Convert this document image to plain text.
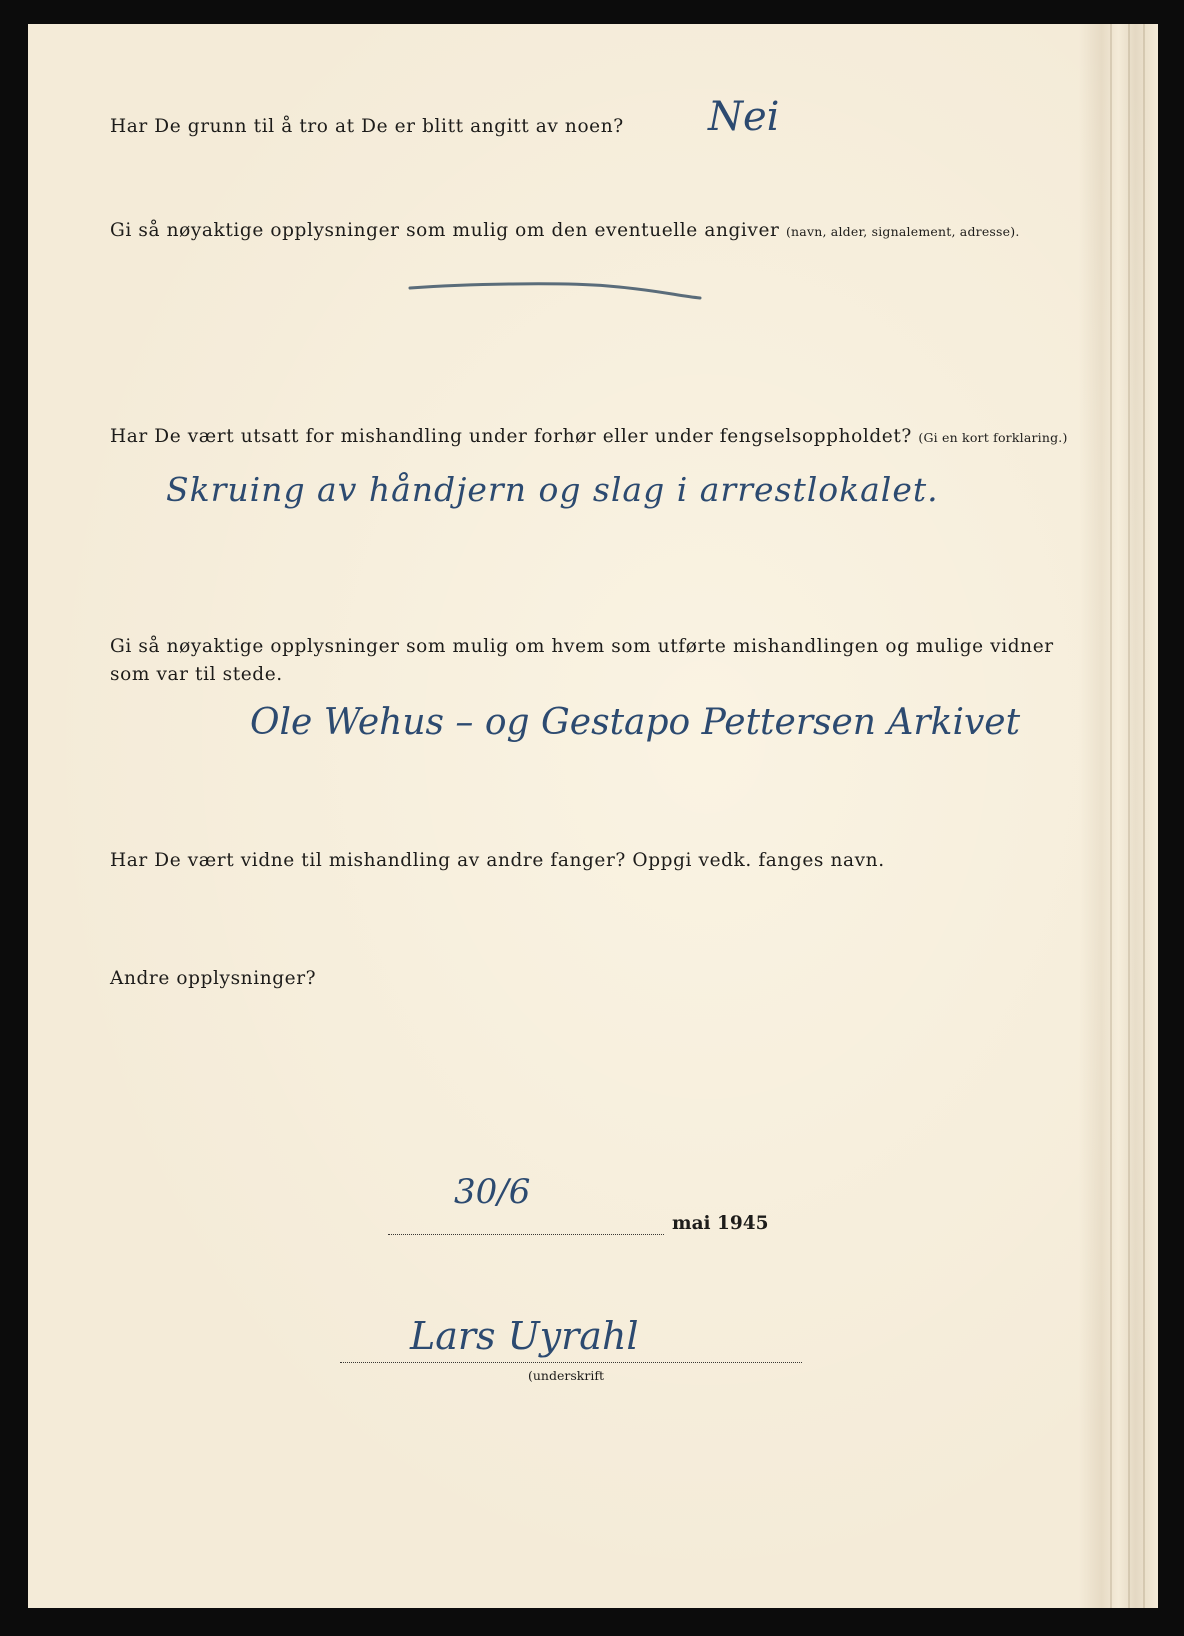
Har De grunn til å tro at De er blitt angitt av noen? Nei
Gi så nøyaktige opplysninger som mulig om den eventuelle angiver (navn, alder, signalement, adresse).
Har De vært utsatt for mishandling under forhør eller under fengselsoppholdet? (Gi en kort forklaring.)
Skruing av håndjern og slag i arrestlokalet.
Gi så nøyaktige opplysninger som mulig om hvem som utførte mishandlingen og mulige vidner
som var til stede.
Ole Wehus – og Gestapo Pettersen Arkivet
Har De vært vidne til mishandling av andre fanger? Oppgi vedk. fanges navn.
Andre opplysninger?
30/6
mai 1945
Lars Uyrahl
(underskrift
